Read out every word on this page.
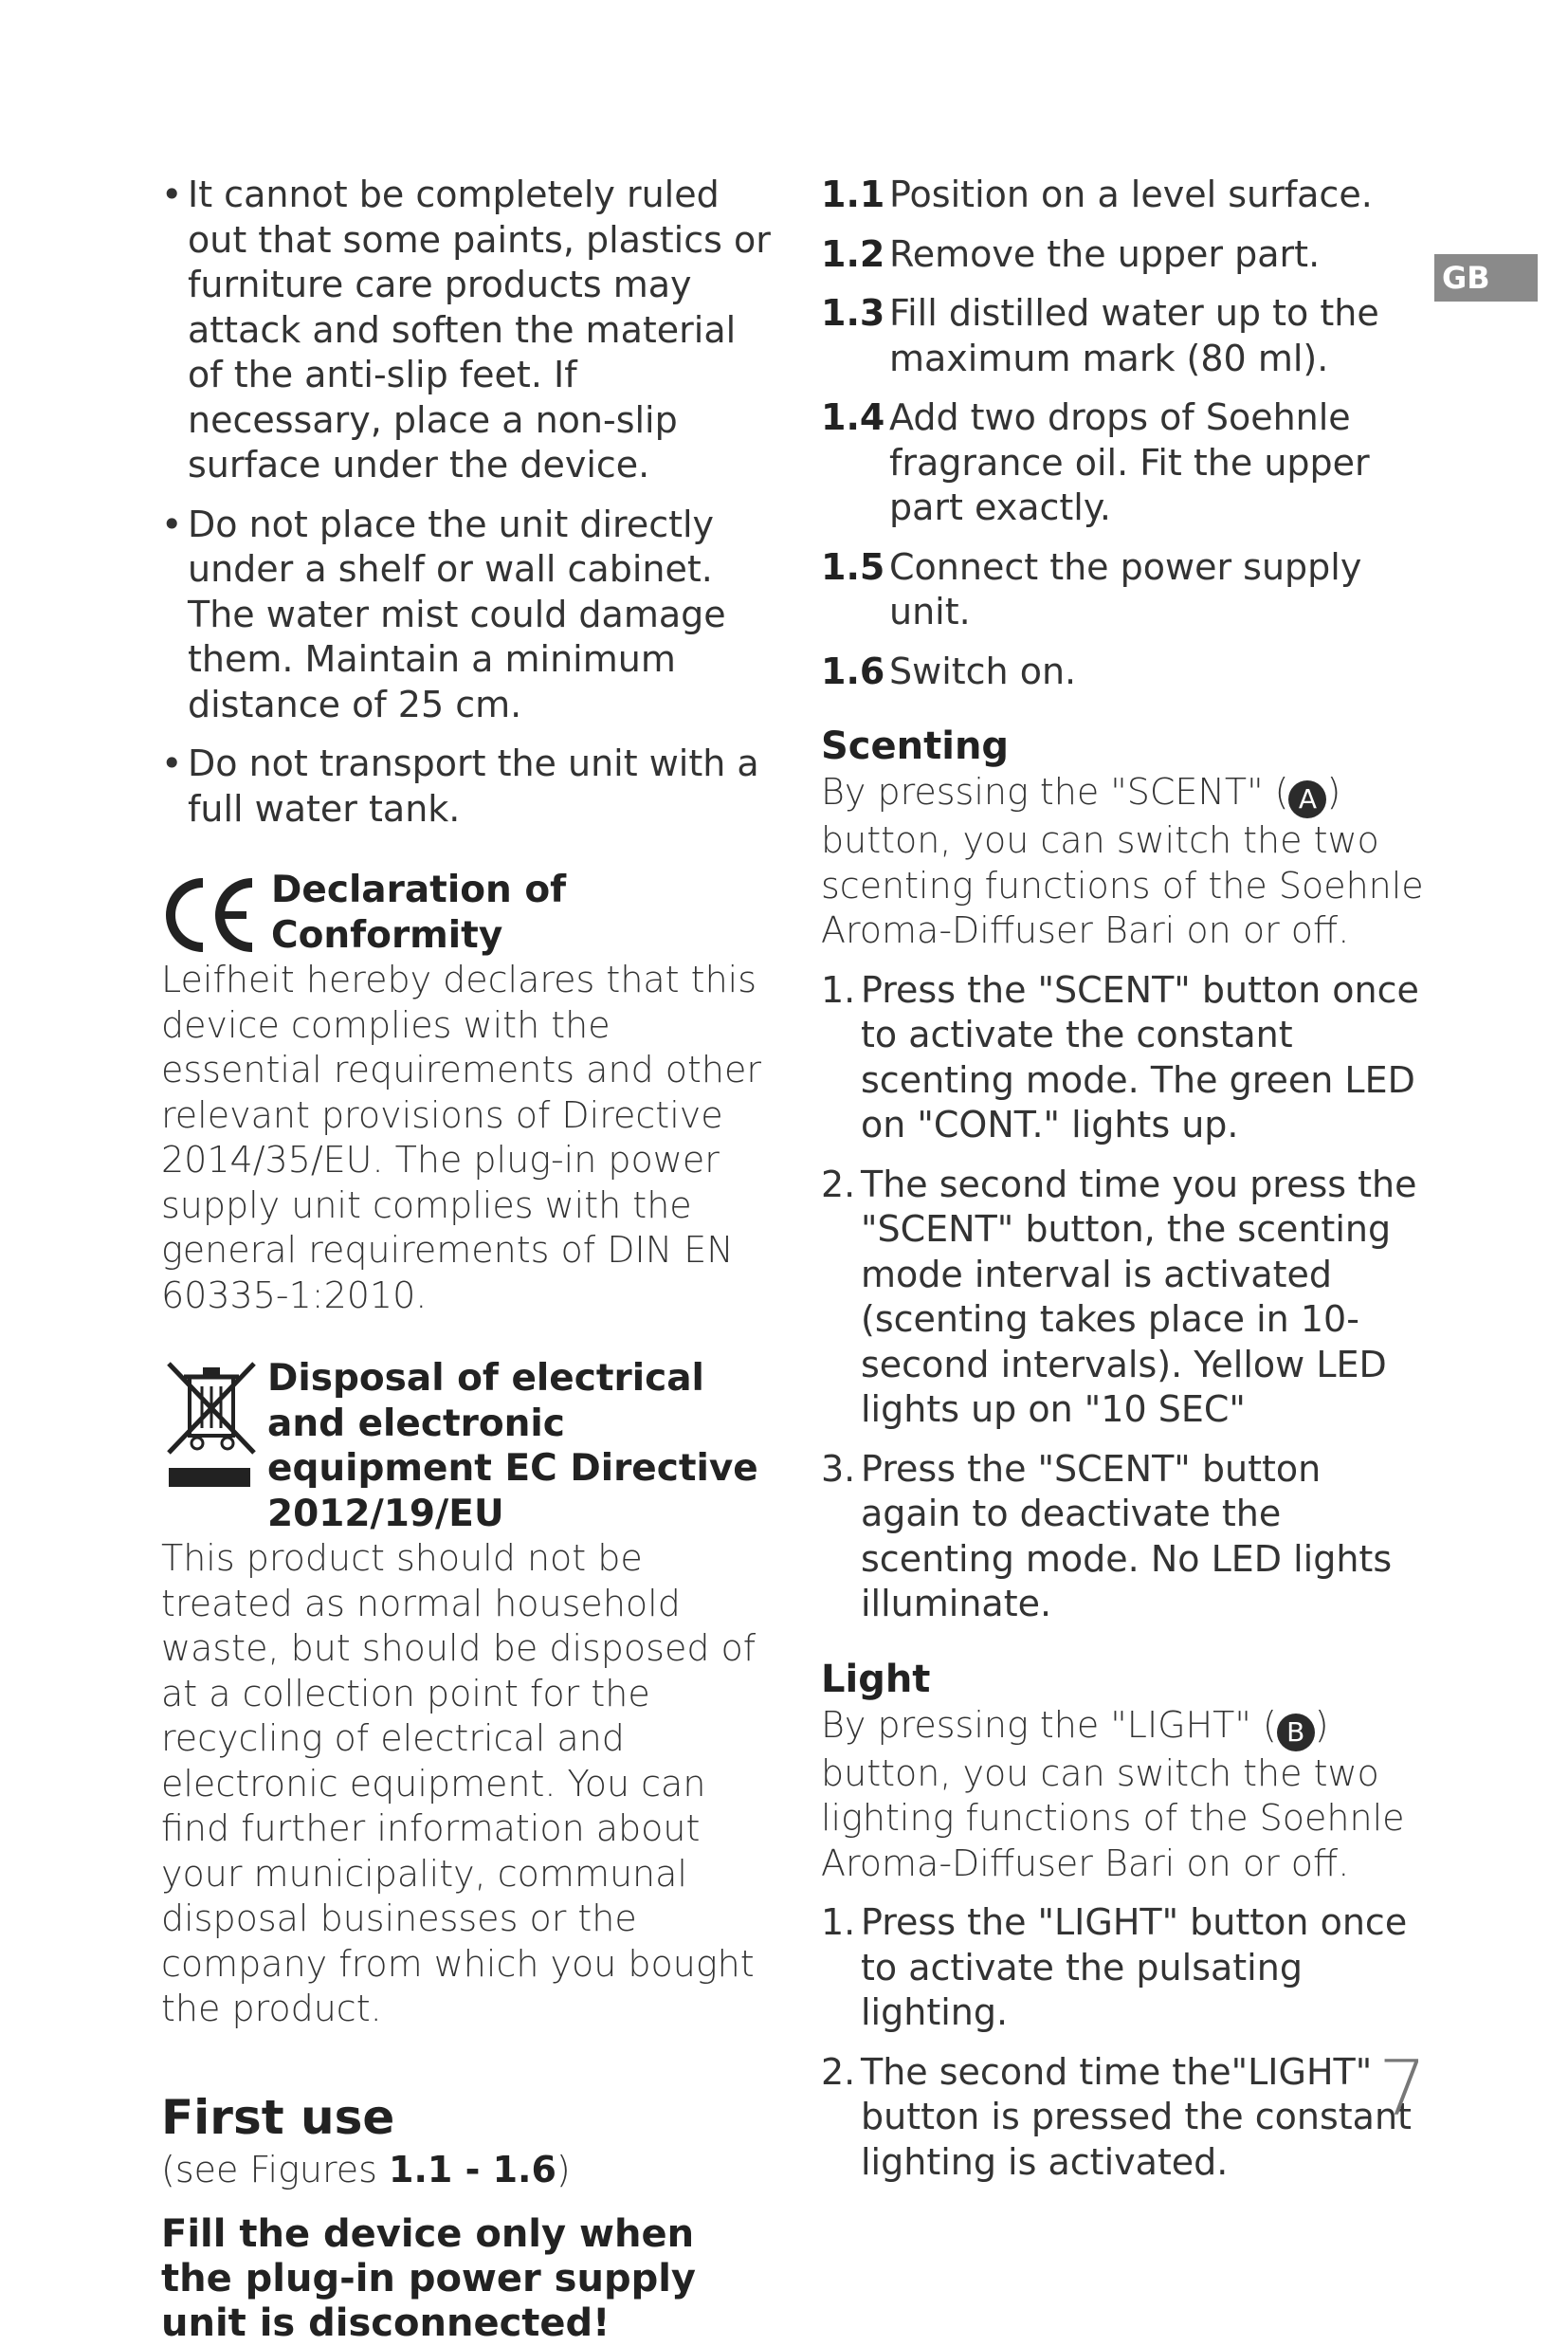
• It cannot be completely ruled out that some paints, plastics or furniture care products may attack and soften the material of the anti-slip feet. If necessary, place a non-slip surface under the device.
• Do not place the unit directly under a shelf or wall cabinet. The water mist could damage them. Maintain a minimum distance of 25 cm.
• Do not transport the unit with a full water tank.

Declaration of Conformity

Leifheit hereby declares that this device complies with the essential requirements and other relevant provisions of Directive 2014/35/EU. The plug-in power supply unit complies with the general requirements of DIN EN 60335-1:2010.

Disposal of electrical and electronic equipment EC Directive 2012/19/EU

This product should not be treated as normal household waste, but should be disposed of at a collection point for the recycling of electrical and electronic equipment. You can find further information about your municipality, communal disposal businesses or the company from which you bought the product.

First use

(see Figures 1.1 - 1.6)

Fill the device only when the plug-in power supply unit is disconnected!

1.1 Position on a level surface.
1.2 Remove the upper part.
1.3 Fill distilled water up to the maximum mark (80 ml).
1.4 Add two drops of Soehnle fragrance oil. Fit the upper part exactly.
1.5 Connect the power supply unit.
1.6 Switch on.

Scenting

By pressing the "SCENT" ( A ) button, you can switch the two scenting functions of the Soehnle Aroma-Diffuser Bari on or off.

1. Press the "SCENT" button once to activate the constant scenting mode. The green LED on "CONT." lights up.
2. The second time you press the "SCENT" button, the scenting mode interval is activated (scenting takes place in 10-second intervals). Yellow LED lights up on "10 SEC"
3. Press the "SCENT" button again to deactivate the scenting mode. No LED lights illuminate.

Light

By pressing the "LIGHT" ( B ) button, you can switch the two lighting functions of the Soehnle Aroma-Diffuser Bari on or off.

1. Press the "LIGHT" button once to activate the pulsating lighting.
2. The second time the"LIGHT" button is pressed the constant lighting is activated.
GB
7
